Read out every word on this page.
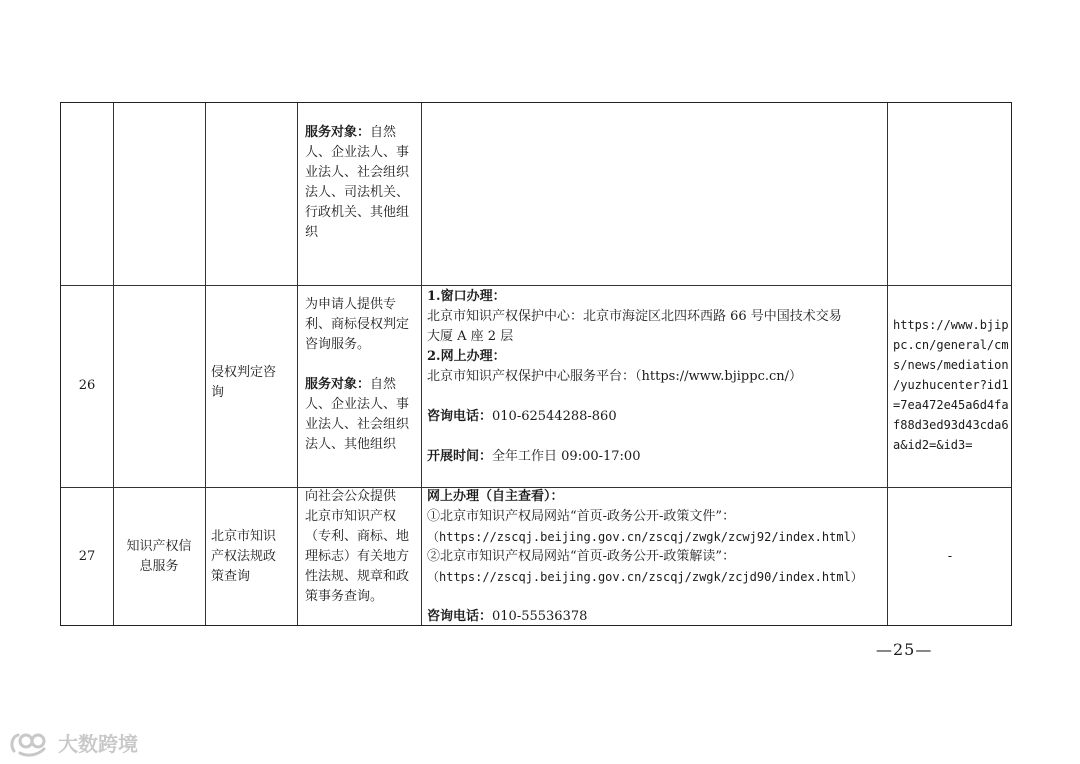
服务对象：自然
人、企业法人、事
业法人、社会组织
法人、司法机关、
行政机关、其他组
织
26
侵权判定咨
询
为申请人提供专
利、商标侵权判定
咨询服务。
服务对象：自然
人、企业法人、事
业法人、社会组织
法人、其他组织
1.窗口办理：
北京市知识产权保护中心：北京市海淀区北四环西路 66 号中国技术交易
大厦 A 座 2 层
2.网上办理：
北京市知识产权保护中心服务平台：（https://www.bjippc.cn/）
咨询电话：010-62544288-860
开展时间：全年工作日 09:00-17:00
https://www.bjip
pc.cn/general/cm
s/news/mediation
/yuzhucenter?id1
=7ea472e45a6d4fa
f88d3ed93d43cda6
a&id2=&id3=
27
知识产权信
息服务
北京市知识
产权法规政
策查询
向社会公众提供
北京市知识产权
（专利、商标、地
理标志）有关地方
性法规、规章和政
策事务查询。
网上办理（自主查看）：
①北京市知识产权局网站“首页-政务公开-政策文件”：
（https://zscqj.beijing.gov.cn/zscqj/zwgk/zcwj92/index.html）
②北京市知识产权局网站“首页-政务公开-政策解读”：
（https://zscqj.beijing.gov.cn/zscqj/zwgk/zcjd90/index.html）
咨询电话：010-55536378
-
—25—
大数跨境
